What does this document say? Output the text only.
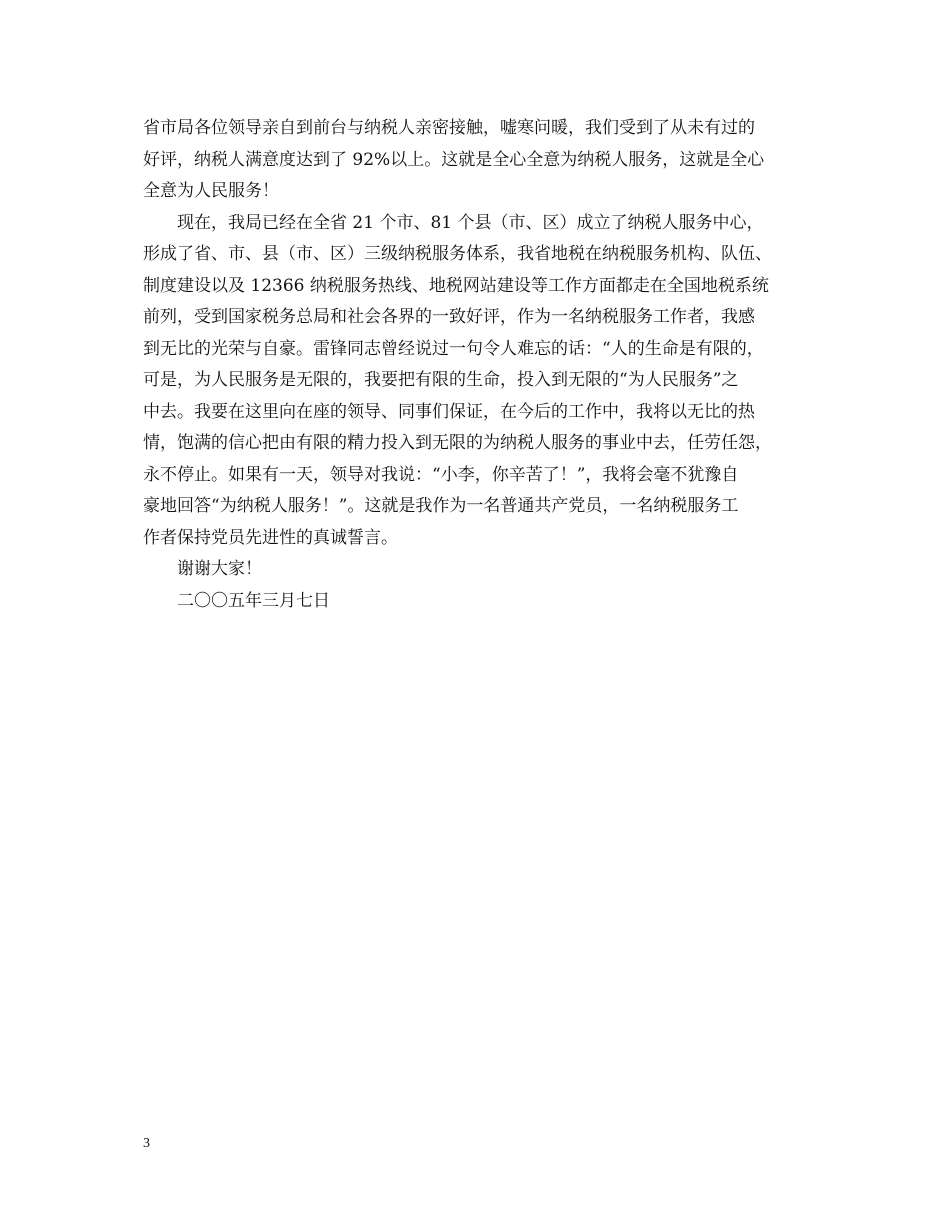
省市局各位领导亲自到前台与纳税人亲密接触，嘘寒问暖，我们受到了从未有过的
好评，纳税人满意度达到了 92%以上。这就是全心全意为纳税人服务，这就是全心
全意为人民服务！
现在，我局已经在全省 21 个市、81 个县（市、区）成立了纳税人服务中心，
形成了省、市、县（市、区）三级纳税服务体系，我省地税在纳税服务机构、队伍、
制度建设以及 12366 纳税服务热线、地税网站建设等工作方面都走在全国地税系统
前列，受到国家税务总局和社会各界的一致好评，作为一名纳税服务工作者，我感
到无比的光荣与自豪。雷锋同志曾经说过一句令人难忘的话：“人的生命是有限的，
可是，为人民服务是无限的，我要把有限的生命，投入到无限的“为人民服务”之
中去。我要在这里向在座的领导、同事们保证，在今后的工作中，我将以无比的热
情，饱满的信心把由有限的精力投入到无限的为纳税人服务的事业中去，任劳任怨，
永不停止。如果有一天，领导对我说：“小李，你辛苦了！”，我将会毫不犹豫自
豪地回答“为纳税人服务！”。这就是我作为一名普通共产党员，一名纳税服务工
作者保持党员先进性的真诚誓言。
谢谢大家！
二〇〇五年三月七日
3
